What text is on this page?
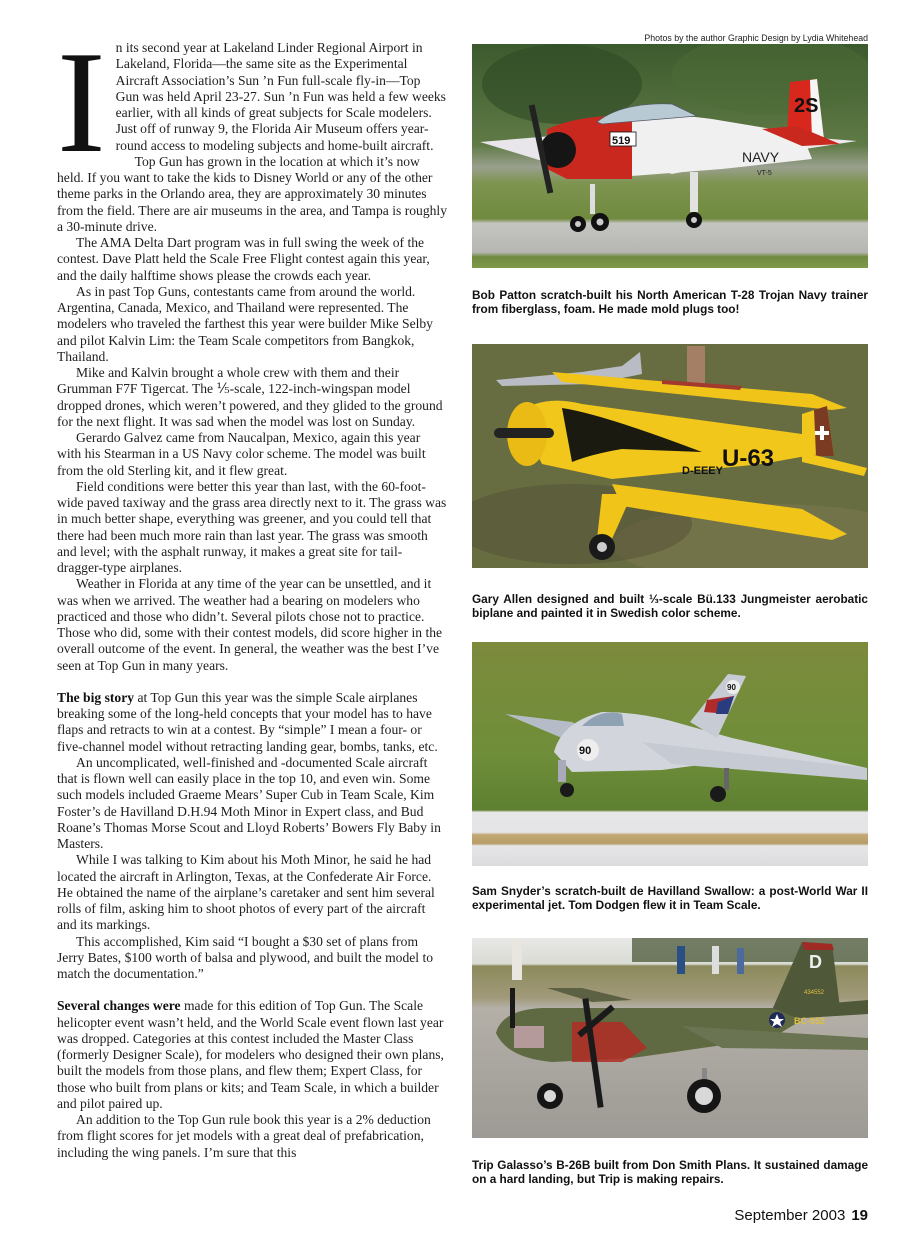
In its second year at Lakeland Linder Regional Airport in Lakeland, Florida—the same site as the Experimental Aircraft Association’s Sun ’n Fun full-scale fly-in—Top Gun was held April 23-27. Sun ’n Fun was held a few weeks earlier, with all kinds of great subjects for Scale modelers. Just off of runway 9, the Florida Air Museum offers year-round access to modeling subjects and home-built aircraft.

Top Gun has grown in the location at which it’s now held. If you want to take the kids to Disney World or any of the other theme parks in the Orlando area, they are approximately 30 minutes from the field. There are air museums in the area, and Tampa is roughly a 30-minute drive.

The AMA Delta Dart program was in full swing the week of the contest. Dave Platt held the Scale Free Flight contest again this year, and the daily halftime shows please the crowds each year.

As in past Top Guns, contestants came from around the world. Argentina, Canada, Mexico, and Thailand were represented. The modelers who traveled the farthest this year were builder Mike Selby and pilot Kalvin Lim: the Team Scale competitors from Bangkok, Thailand.

Mike and Kalvin brought a whole crew with them and their Grumman F7F Tigercat. The ⅕-scale, 122-inch-wingspan model dropped drones, which weren’t powered, and they glided to the ground for the next flight. It was sad when the model was lost on Sunday.

Gerardo Galvez came from Naucalpan, Mexico, again this year with his Stearman in a US Navy color scheme. The model was built from the old Sterling kit, and it flew great.

Field conditions were better this year than last, with the 60-foot-wide paved taxiway and the grass area directly next to it. The grass was in much better shape, everything was greener, and you could tell that there had been much more rain than last year. The grass was smooth and level; with the asphalt runway, it makes a great site for tail-dragger-type airplanes.

Weather in Florida at any time of the year can be unsettled, and it was when we arrived. The weather had a bearing on modelers who practiced and those who didn’t. Several pilots chose not to practice. Those who did, some with their contest models, did score higher in the overall outcome of the event. In general, the weather was the best I’ve seen at Top Gun in many years.

The big story at Top Gun this year was the simple Scale airplanes breaking some of the long-held concepts that your model has to have flaps and retracts to win at a contest. By “simple” I mean a four- or five-channel model without retracting landing gear, bombs, tanks, etc.

An uncomplicated, well-finished and -documented Scale aircraft that is flown well can easily place in the top 10, and even win. Some such models included Graeme Mears’ Super Cub in Team Scale, Kim Foster’s de Havilland D.H.94 Moth Minor in Expert class, and Bud Roane’s Thomas Morse Scout and Lloyd Roberts’ Bowers Fly Baby in Masters.

While I was talking to Kim about his Moth Minor, he said he had located the aircraft in Arlington, Texas, at the Confederate Air Force. He obtained the name of the airplane’s caretaker and sent him several rolls of film, asking him to shoot photos of every part of the aircraft and its markings.

This accomplished, Kim said “I bought a $30 set of plans from Jerry Bates, $100 worth of balsa and plywood, and built the model to match the documentation.”

Several changes were made for this edition of Top Gun. The Scale helicopter event wasn’t held, and the World Scale event flown last year was dropped. Categories at this contest included the Master Class (formerly Designer Scale), for modelers who designed their own plans, built the models from those plans, and flew them; Expert Class, for those who built from plans or kits; and Team Scale, in which a builder and pilot paired up.

An addition to the Top Gun rule book this year is a 2% deduction from flight scores for jet models with a great deal of prefabrication, including the wing panels. I’m sure that this

Photos by the author Graphic Design by Lydia Whitehead
519
2S
NAVY
VT-5
Bob Patton scratch-built his North American T-28 Trojan Navy trainer from fiberglass, foam. He made mold plugs too!
U-63
D-EEEY
Gary Allen designed and built ⅓-scale Bü.133 Jungmeister aerobatic biplane and painted it in Swedish color scheme.
90
90
Sam Snyder’s scratch-built de Havilland Swallow: a post-World War II experimental jet. Tom Dodgen flew it in Team Scale.
D
434552
BC-552
Trip Galasso’s B-26B built from Don Smith Plans. It sustained damage on a hard landing, but Trip is making repairs.
September 2003 19
